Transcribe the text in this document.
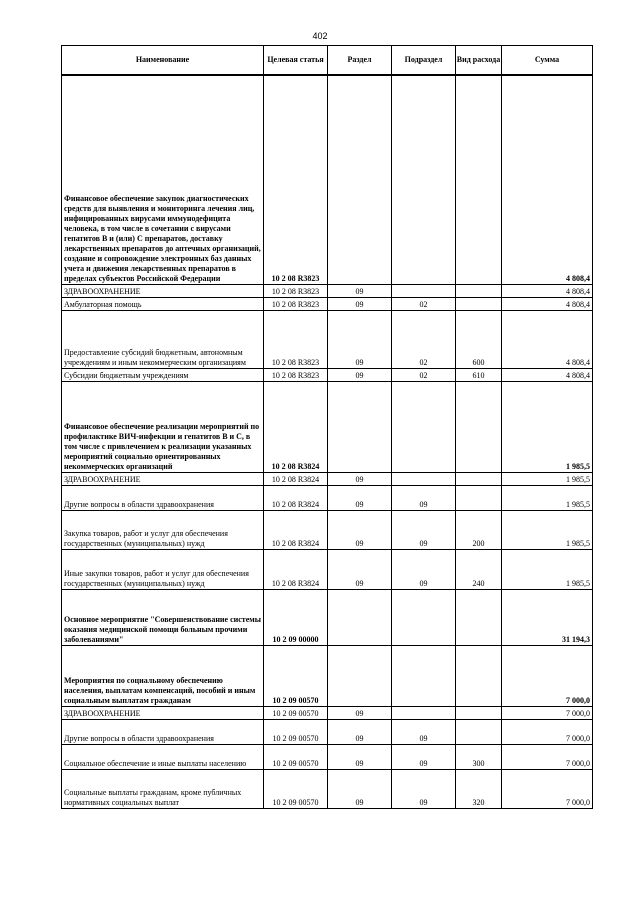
402
Наименование	Целевая статья	Раздел	Подраздел	Вид расхода	Сумма
Финансовое обеспечение закупок диагностических средств для выявления и мониторинга лечения лиц, инфицированных вирусами иммунодефицита человека, в том числе в сочетании с вирусами гепатитов В и (или) С препаратов, доставку лекарственных препаратов до аптечных организаций, создание и сопровождение электронных баз данных учета и движения лекарственных препаратов в пределах субъектов Российской Федерации	10 2 08 R3823				4 808,4
ЗДРАВООХРАНЕНИЕ	10 2 08 R3823	09			4 808,4
Амбулаторная помощь	10 2 08 R3823	09	02		4 808,4
Предоставление субсидий бюджетным, автономным учреждениям и иным некоммерческим организациям	10 2 08 R3823	09	02	600	4 808,4
Субсидии бюджетным учреждениям	10 2 08 R3823	09	02	610	4 808,4
Финансовое обеспечение реализации мероприятий по профилактике ВИЧ-инфекции и гепатитов В и С, в том числе с привлечением к реализации указанных мероприятий социально ориентированных некоммерческих организаций	10 2 08 R3824				1 985,5
ЗДРАВООХРАНЕНИЕ	10 2 08 R3824	09			1 985,5
Другие вопросы в области здравоохранения	10 2 08 R3824	09	09		1 985,5
Закупка товаров, работ и услуг для обеспечения государственных (муниципальных) нужд	10 2 08 R3824	09	09	200	1 985,5
Иные закупки товаров, работ и услуг для обеспечения государственных (муниципальных) нужд	10 2 08 R3824	09	09	240	1 985,5
Основное мероприятие "Совершенствование системы оказания медицинской помощи больным прочими заболеваниями"	10 2 09 00000				31 194,3
Мероприятия по социальному обеспечению населения, выплатам компенсаций, пособий и иным социальным выплатам гражданам	10 2 09 00570				7 000,0
ЗДРАВООХРАНЕНИЕ	10 2 09 00570	09			7 000,0
Другие вопросы в области здравоохранения	10 2 09 00570	09	09		7 000,0
Социальное обеспечение и иные выплаты населению	10 2 09 00570	09	09	300	7 000,0
Социальные выплаты гражданам, кроме публичных нормативных социальных выплат	10 2 09 00570	09	09	320	7 000,0
